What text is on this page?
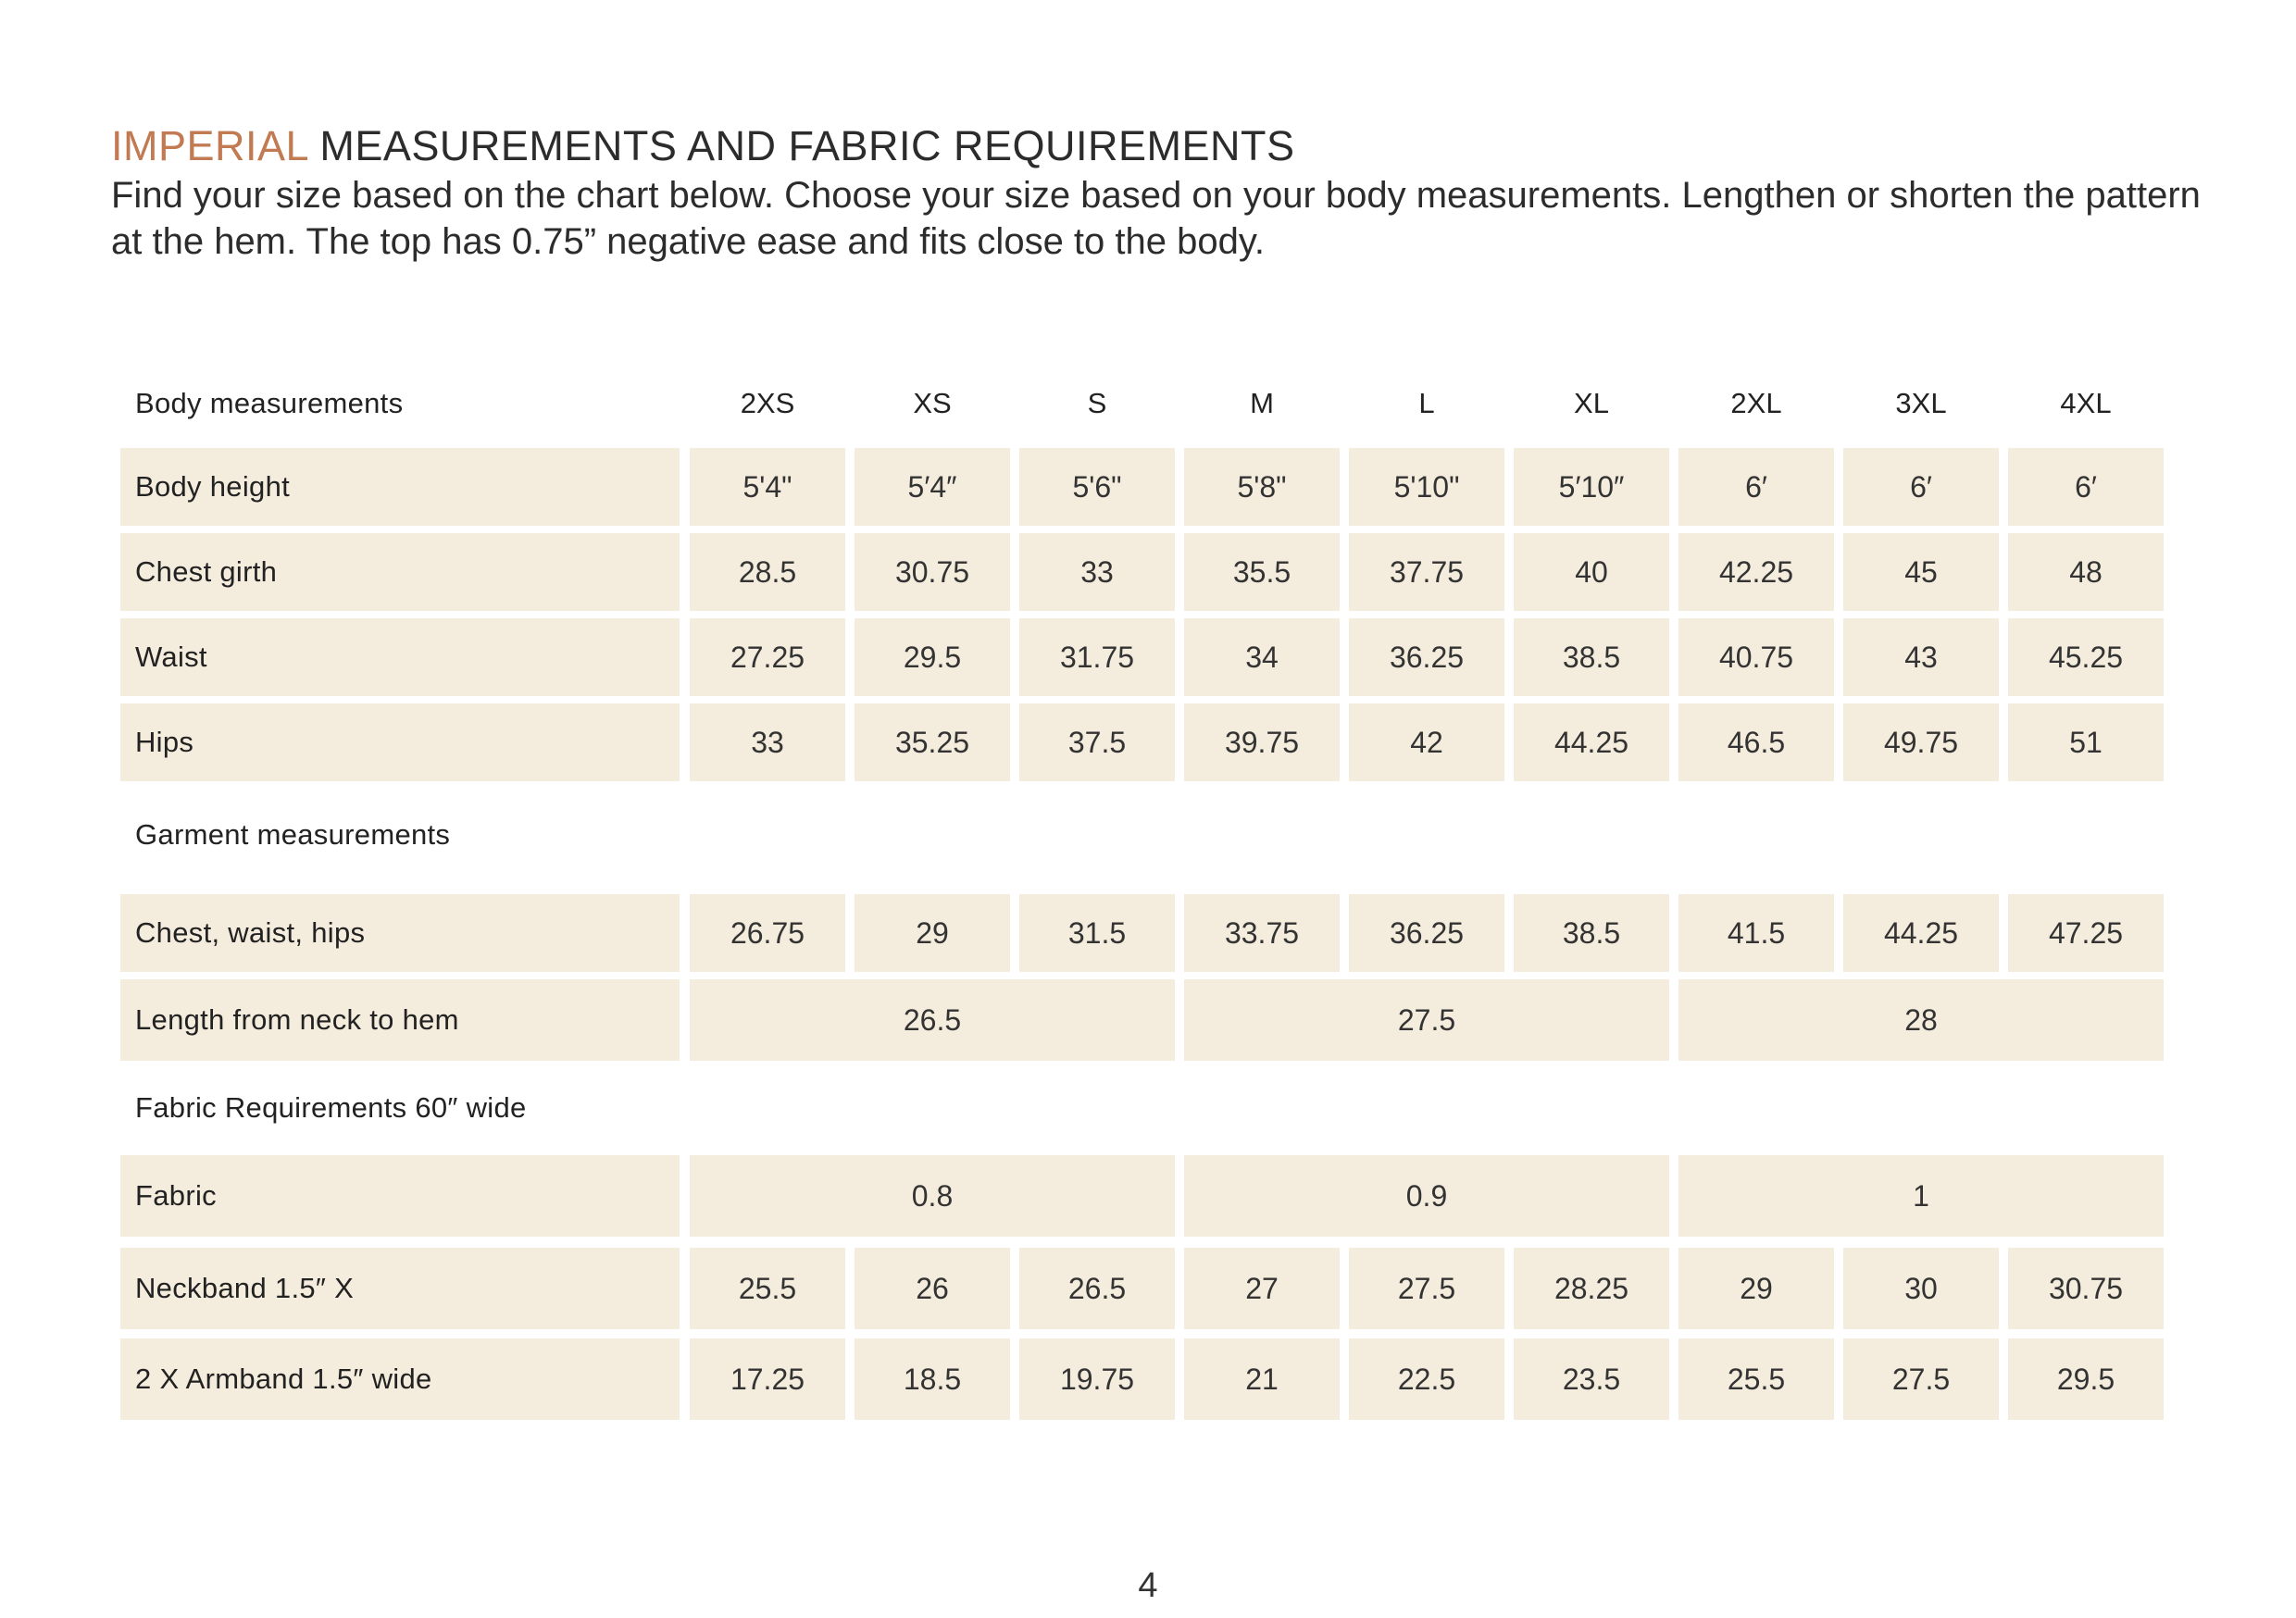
IMPERIAL MEASUREMENTS AND FABRIC REQUIREMENTS

Find your size based on the chart below. Choose your size based on your body measurements. Lengthen or shorten the pattern at the hem. The top has 0.75” negative ease and fits close to the body.

Body measurements	2XS	XS	S	M	L	XL	2XL	3XL	4XL
Body height	5'4"	5′4″	5'6"	5'8"	5'10"	5′10″	6′	6′	6′
Chest girth	28.5	30.75	33	35.5	37.75	40	42.25	45	48
Waist	27.25	29.5	31.75	34	36.25	38.5	40.75	43	45.25
Hips	33	35.25	37.5	39.75	42	44.25	46.5	49.75	51
Garment measurements
Chest, waist, hips	26.75	29	31.5	33.75	36.25	38.5	41.5	44.25	47.25
Length from neck to hem	26.5	27.5	28
Fabric Requirements 60″ wide
Fabric	0.8	0.9	1
Neckband 1.5″ X	25.5	26	26.5	27	27.5	28.25	29	30	30.75
2 X Armband 1.5″ wide	17.25	18.5	19.75	21	22.5	23.5	25.5	27.5	29.5
4
